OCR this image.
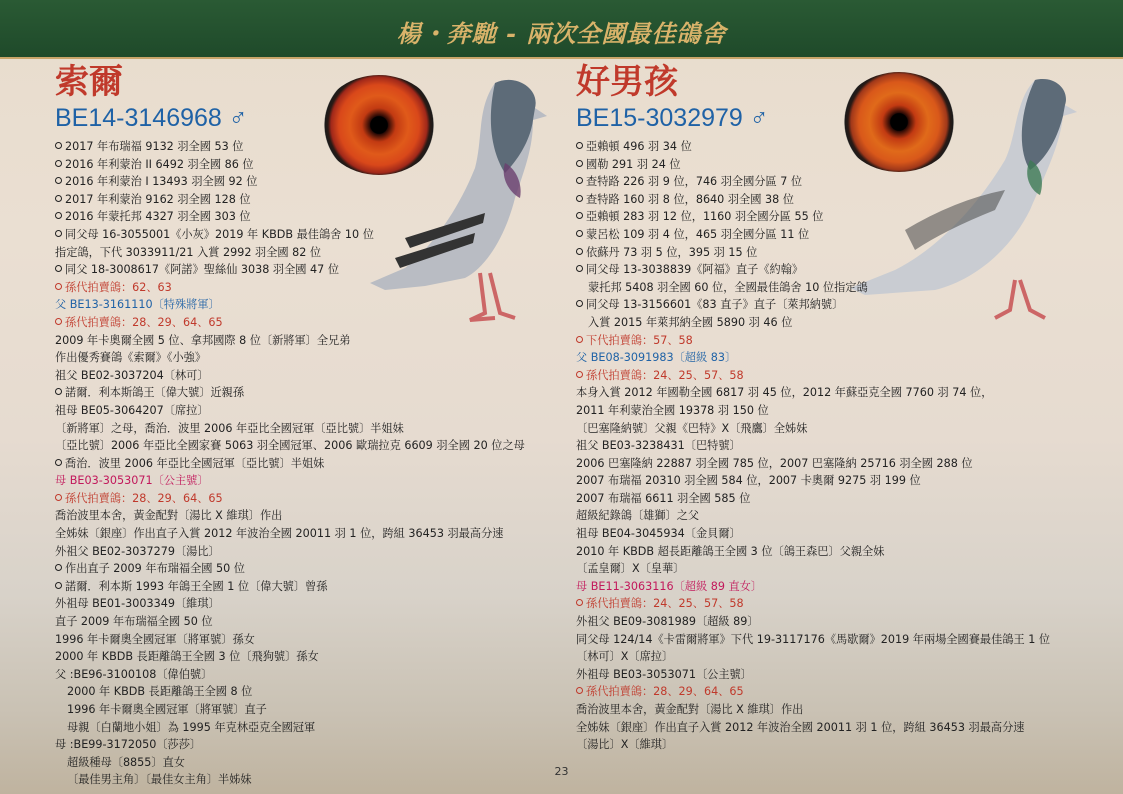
楊・奔馳 - 兩次全國最佳鴿舍
索爾
BE14-3146968 ♂
2017 年布瑞福 9132 羽全國 53 位
2016 年利蒙治 II 6492 羽全國 86 位
2016 年利蒙治 I 13493 羽全國 92 位
2017 年利蒙治 9162 羽全國 128 位
2016 年蒙托邦 4327 羽全國 303 位
同父母 16-3055001《小灰》2019 年 KBDB 最佳鴿舍 10 位
指定鴿，下代 3033911/21 入賞 2992 羽全國 82 位
同父 18-3008617《阿諾》聖絲仙 3038 羽全國 47 位
孫代拍賣鴿：62、63
父 BE13-3161110〔特殊將軍〕
孫代拍賣鴿：28、29、64、65
2009 年卡奧爾全國 5 位、拿邦國際 8 位〔新將軍〕全兄弟
作出優秀賽鴿《索爾》《小強》
祖父 BE02-3037204〔林可〕
諾爾．利本斯鴿王〔偉大號〕近親孫
祖母 BE05-3064207〔席拉〕
〔新將軍〕之母，喬治．波里 2006 年亞比全國冠軍〔亞比號〕半姐妹
〔亞比號〕2006 年亞比全國家賽 5063 羽全國冠軍、2006 歐瑞拉克 6609 羽全國 20 位之母
喬治．波里 2006 年亞比全國冠軍〔亞比號〕半姐妹
母 BE03-3053071〔公主號〕
孫代拍賣鴿：28、29、64、65
喬治波里本舍，黃金配對〔湯比 X 維琪〕作出
全姊妹〔銀座〕作出直子入賞 2012 年波治全國 20011 羽 1 位，跨組 36453 羽最高分速
外祖父 BE02-3037279〔湯比〕
作出直子 2009 年布瑞福全國 50 位
諾爾．利本斯 1993 年鴿王全國 1 位〔偉大號〕曾孫
外祖母 BE01-3003349〔維琪〕
直子 2009 年布瑞福全國 50 位
1996 年卡爾奧全國冠軍〔將軍號〕孫女
2000 年 KBDB 長距離鴿王全國 3 位〔飛狗號〕孫女
父 :BE96-3100108〔偉伯號〕
2000 年 KBDB 長距離鴿王全國 8 位
1996 年卡爾奧全國冠軍〔將軍號〕直子
母親〔白蘭地小姐〕為 1995 年克林亞克全國冠軍
母 :BE99-3172050〔莎莎〕
超級種母〔8855〕直女
〔最佳男主角〕〔最佳女主角〕半姊妹
好男孩
BE15-3032979 ♂
亞賴頓 496 羽 34 位
國勒 291 羽 24 位
查特路 226 羽 9 位，746 羽全國分區 7 位
查特路 160 羽 8 位，8640 羽全國 38 位
亞賴頓 283 羽 12 位，1160 羽全國分區 55 位
蒙呂松 109 羽 4 位，465 羽全國分區 11 位
依蘇丹 73 羽 5 位，395 羽 15 位
同父母 13-3038839《阿福》直子《約翰》
蒙托邦 5408 羽全國 60 位，全國最佳鴿舍 10 位指定鴿
同父母 13-3156601《83 直子》直子〔萊邦納號〕
入賞 2015 年萊邦納全國 5890 羽 46 位
下代拍賣鴿：57、58
父 BE08-3091983〔超級 83〕
孫代拍賣鴿：24、25、57、58
本身入賞 2012 年國勒全國 6817 羽 45 位，2012 年蘇亞克全國 7760 羽 74 位，
2011 年利蒙治全國 19378 羽 150 位
〔巴塞隆納號〕父親《巴特》X〔飛鷹〕全姊妹
祖父 BE03-3238431〔巴特號〕
2006 巴塞隆納 22887 羽全國 785 位，2007 巴塞隆納 25716 羽全國 288 位
2007 布瑞福 20310 羽全國 584 位，2007 卡奧爾 9275 羽 199 位
2007 布瑞福 6611 羽全國 585 位
超級紀錄鴿〔雄獅〕之父
祖母 BE04-3045934〔金貝爾〕
2010 年 KBDB 超長距離鴿王全國 3 位〔鴿王森巴〕父親全妹
〔孟皇爾〕X〔皇華〕
母 BE11-3063116〔超級 89 直女〕
孫代拍賣鴿：24、25、57、58
外祖父 BE09-3081989〔超級 89〕
同父母 124/14《卡雷爾將軍》下代 19-3117176《馬歇爾》2019 年兩場全國賽最佳鴿王 1 位
〔林可〕X〔席拉〕
外祖母 BE03-3053071〔公主號〕
孫代拍賣鴿：28、29、64、65
喬治波里本舍，黃金配對〔湯比 X 維琪〕作出
全姊妹〔銀座〕作出直子入賞 2012 年波治全國 20011 羽 1 位，跨組 36453 羽最高分速
〔湯比〕X〔維琪〕
23
